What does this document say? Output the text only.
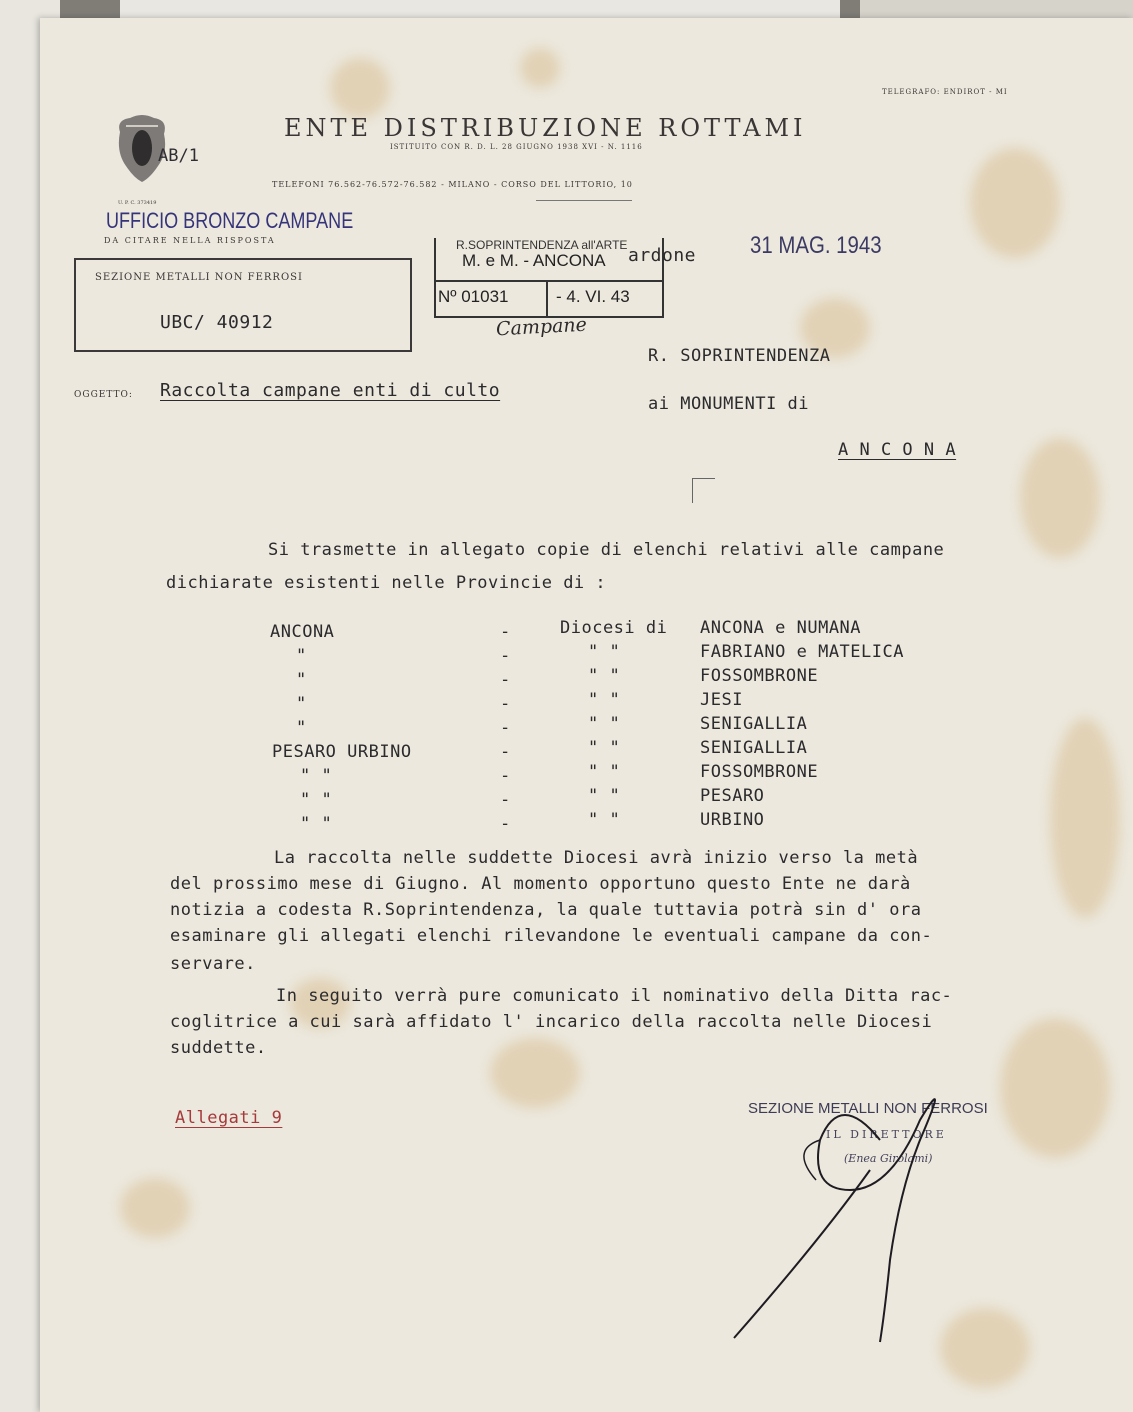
AB/1
ENTE DISTRIBUZIONE ROTTAMI
ISTITUITO CON R. D. L. 28 GIUGNO 1938 XVI - N. 1116
TELEGRAFO: ENDIROT - MI
TELEFONI 76.562-76.572-76.582 - MILANO - CORSO DEL LITTORIO, 10
U. P. C. 373419
UFFICIO BRONZO CAMPANE
DA CITARE NELLA RISPOSTA
SEZIONE METALLI NON FERROSI
UBC/ 40912
R.SOPRINTENDENZA all'ARTE
M. e M. - ANCONA
Nº 01031	- 4. VI. 43
Campane
ardone 31 MAG. 1943
OGGETTO: Raccolta campane enti di culto
R. SOPRINTENDENZA
ai MONUMENTI di
A N C O N A
Si trasmette in allegato copie di elenchi relativi alle campane
dichiarate esistenti nelle Provincie di :
ANCONA	-	Diocesi di ANCONA e NUMANA
"	-	" "	FABRIANO e MATELICA
"	-	" "	FOSSOMBRONE
"	-	" "	JESI
"	-	" "	SENIGALLIA
PESARO URBINO	-	" "	SENIGALLIA
" "	-	" "	FOSSOMBRONE
" "	-	" "	PESARO
" "	-	" "	URBINO
La raccolta nelle suddette Diocesi avrà inizio verso la metà
del prossimo mese di Giugno. Al momento opportuno questo Ente ne darà
notizia a codesta R.Soprintendenza, la quale tuttavia potrà sin d' ora
esaminare gli allegati elenchi rilevandone le eventuali campane da con-
servare.
In seguito verrà pure comunicato il nominativo della Ditta rac-
coglitrice a cui sarà affidato l' incarico della raccolta nelle Diocesi
suddette.
Allegati 9	SEZIONE METALLI NON FERROSI
IL DIRETTORE
(Enea Girolami)
